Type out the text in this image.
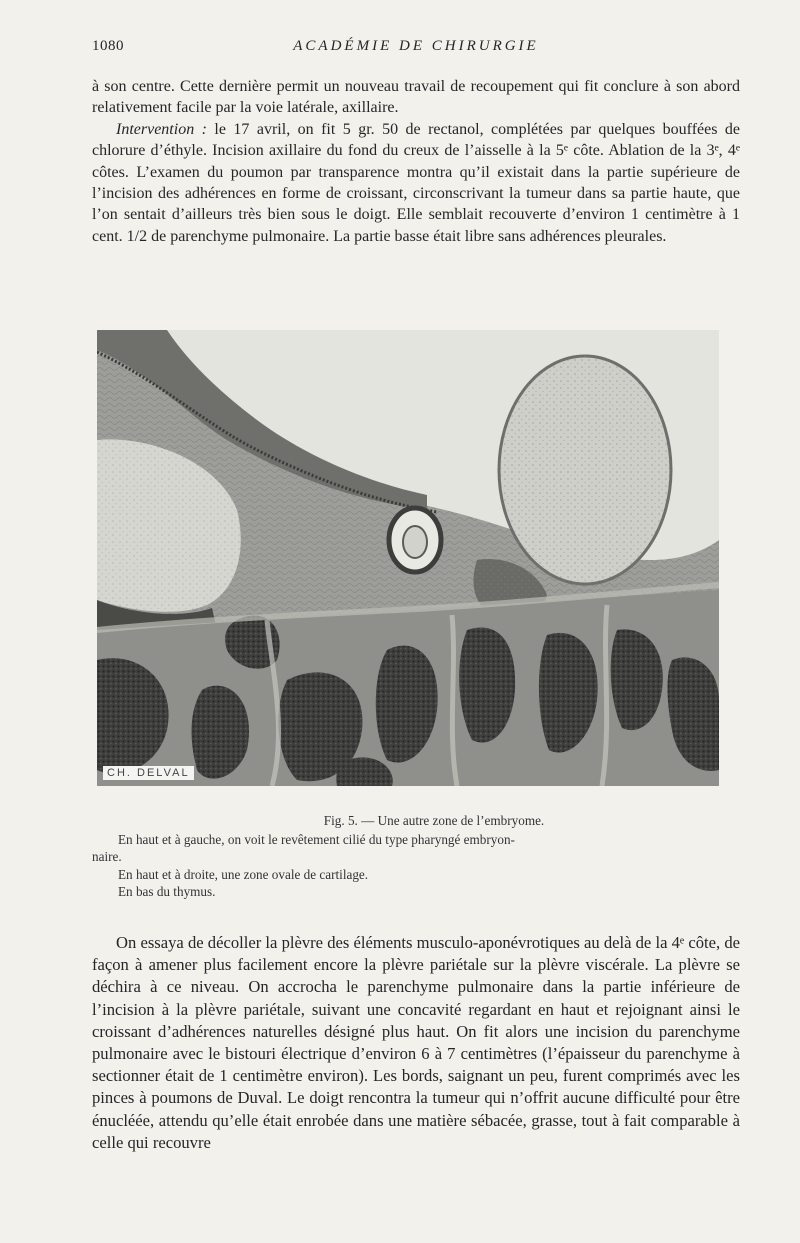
1080	ACADÉMIE DE CHIRURGIE

à son centre. Cette dernière permit un nouveau travail de recoupement qui fit conclure à son abord relativement facile par la voie latérale, axillaire.

Intervention : le 17 avril, on fit 5 gr. 50 de rectanol, complétées par quelques bouffées de chlorure d’éthyle. Incision axillaire du fond du creux de l’aisselle à la 5ᵉ côte. Ablation de la 3ᵉ, 4ᵉ côtes. L’examen du poumon par transparence montra qu’il existait dans la partie supérieure de l’incision des adhérences en forme de croissant, circonscrivant la tumeur dans sa partie haute, que l’on sentait d’ailleurs très bien sous le doigt. Elle semblait recouverte d’environ 1 centimètre à 1 cent. 1/2 de parenchyme pulmonaire. La partie basse était libre sans adhérences pleurales.

CH. DELVAL

Fig. 5. — Une autre zone de l’embryome.

En haut et à gauche, on voit le revêtement cilié du type pharyngé embryon-

naire.

En haut et à droite, une zone ovale de cartilage.

En bas du thymus.

On essaya de décoller la plèvre des éléments musculo-aponévrotiques au delà de la 4ᵉ côte, de façon à amener plus facilement encore la plèvre pariétale sur la plèvre viscérale. La plèvre se déchira à ce niveau. On accrocha le parenchyme pulmonaire dans la partie inférieure de l’incision à la plèvre pariétale, suivant une concavité regardant en haut et rejoignant ainsi le croissant d’adhérences naturelles désigné plus haut. On fit alors une incision du parenchyme pulmonaire avec le bistouri électrique d’environ 6 à 7 centimètres (l’épaisseur du parenchyme à sectionner était de 1 centimètre environ). Les bords, saignant un peu, furent comprimés avec les pinces à poumons de Duval. Le doigt rencontra la tumeur qui n’offrit aucune difficulté pour être énucléée, attendu qu’elle était enrobée dans une matière sébacée, grasse, tout à fait comparable à celle qui recouvre
